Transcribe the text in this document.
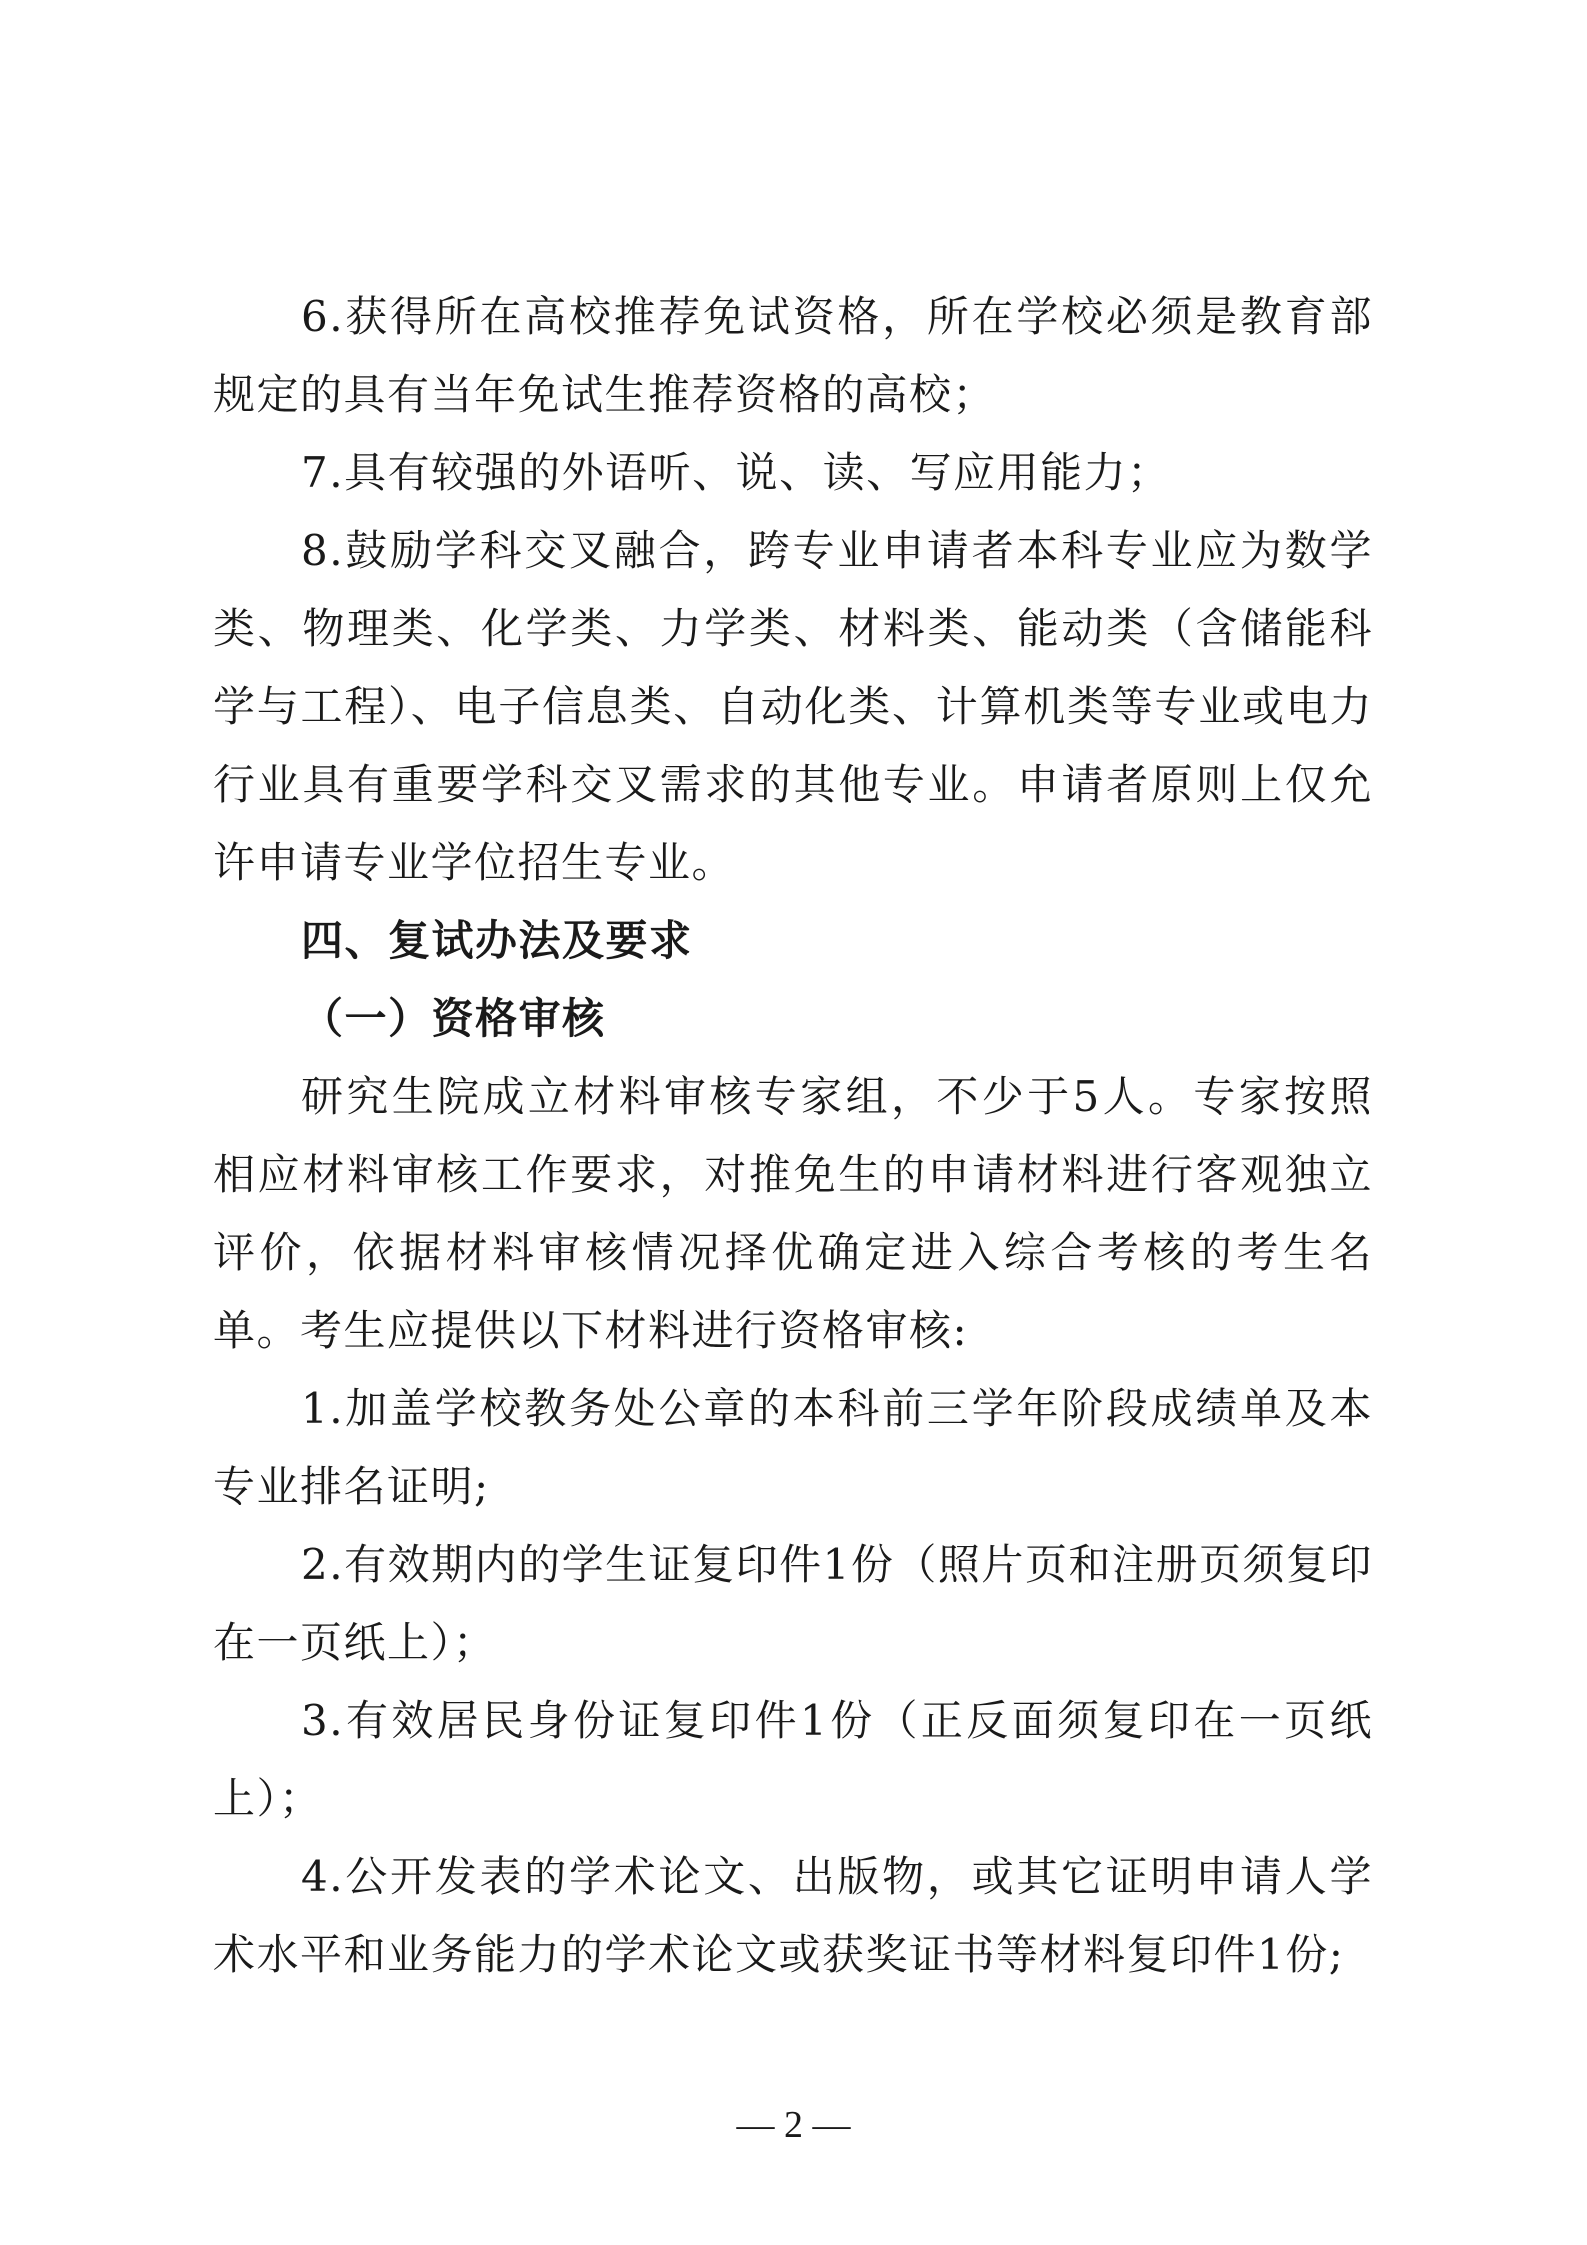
6.获得所在高校推荐免试资格，所在学校必须是教育部规定的具有当年免试生推荐资格的高校；

7.具有较强的外语听、说、读、写应用能力；

8.鼓励学科交叉融合，跨专业申请者本科专业应为数学类、物理类、化学类、力学类、材料类、能动类（含储能科学与工程）、电子信息类、自动化类、计算机类等专业或电力行业具有重要学科交叉需求的其他专业。申请者原则上仅允许申请专业学位招生专业。

四、复试办法及要求
（一）资格审核

研究生院成立材料审核专家组，不少于5人。专家按照相应材料审核工作要求，对推免生的申请材料进行客观独立评价，依据材料审核情况择优确定进入综合考核的考生名单。考生应提供以下材料进行资格审核:

1.加盖学校教务处公章的本科前三学年阶段成绩单及本专业排名证明;

2.有效期内的学生证复印件1份（照片页和注册页须复印在一页纸上）；

3.有效居民身份证复印件1份（正反面须复印在一页纸上）；

4.公开发表的学术论文、出版物，或其它证明申请人学术水平和业务能力的学术论文或获奖证书等材料复印件1份;

— 2 —
